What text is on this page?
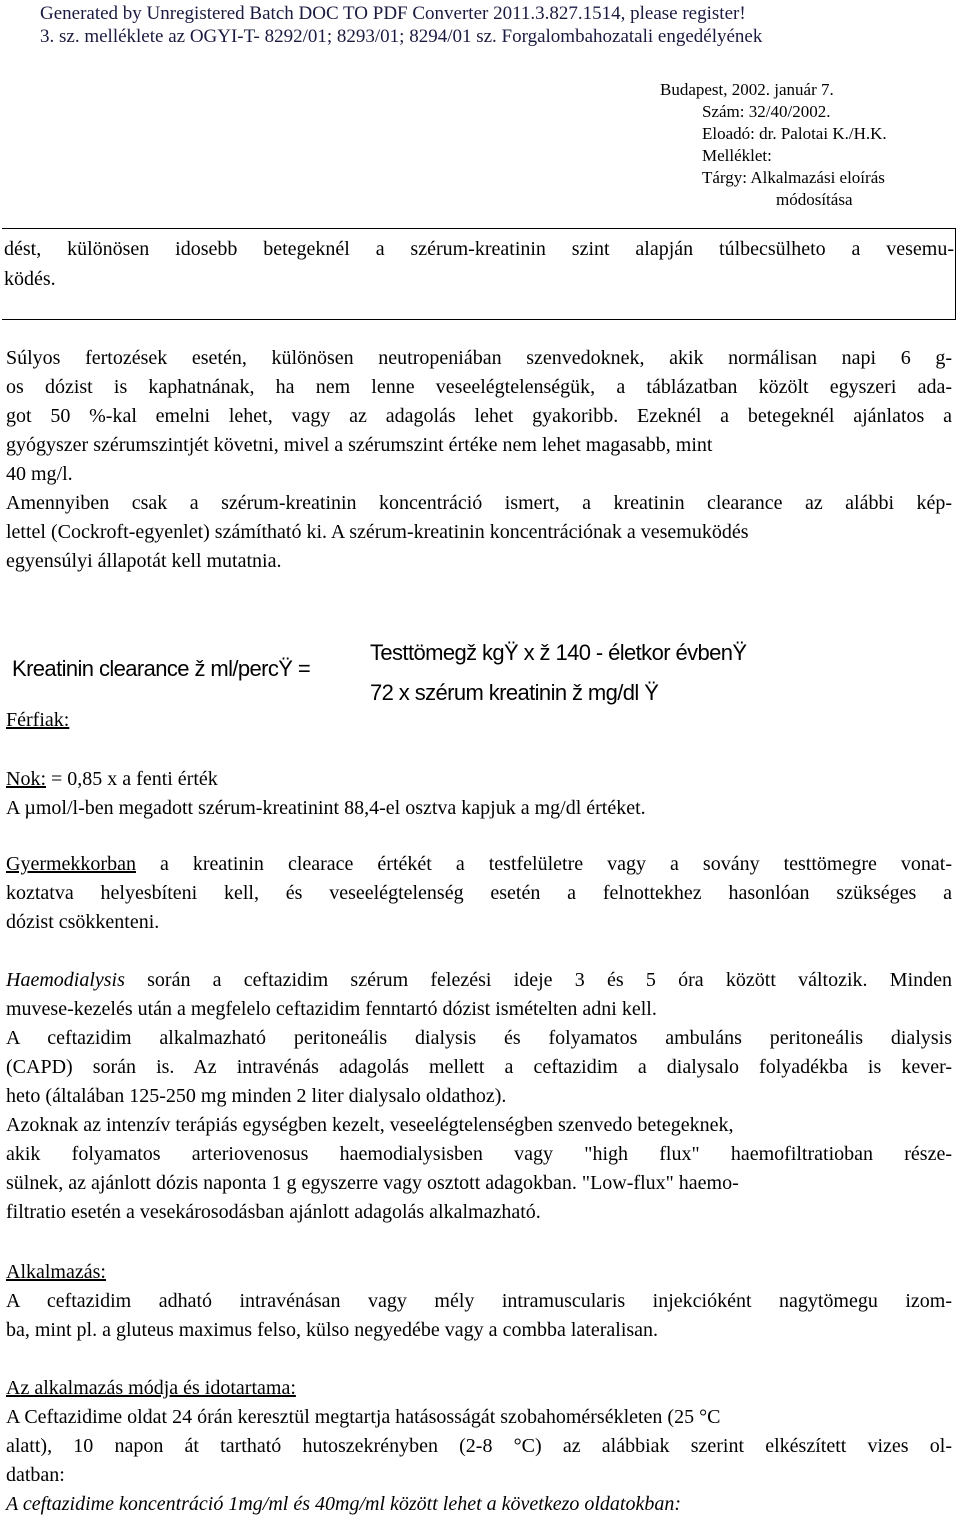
Generated by Unregistered Batch DOC TO PDF Converter 2011.3.827.1514, please register!
3. sz. melléklete az OGYI-T- 8292/01; 8293/01; 8294/01 sz. Forgalombahozatali engedélyének
Budapest, 2002. január 7.
Szám: 32/40/2002.
Eloadó: dr. Palotai K./H.K.
Melléklet:
Tárgy: Alkalmazási eloírás
módosítása
dést, különösen idosebb betegeknél a szérum-kreatinin szint alapján túlbecsülheto a vesemu-
ködés.
Súlyos fertozések esetén, különösen neutropeniában szenvedoknek, akik normálisan napi 6 g-
os dózist is kaphatnának, ha nem lenne veseelégtelenségük, a táblázatban közölt egyszeri ada-
got 50 %-kal emelni lehet, vagy az adagolás lehet gyakoribb. Ezeknél a betegeknél ajánlatos a
gyógyszer szérumszintjét követni, mivel a szérumszint értéke nem lehet magasabb, mint
40 mg/l.
Amennyiben csak a szérum-kreatinin koncentráció ismert, a kreatinin clearance az alábbi kép-
lettel (Cockroft-egyenlet) számítható ki. A szérum-kreatinin koncentrációnak a vesemuködés
egyensúlyi állapotát kell mutatnia.
Kreatinin clearance ž ml/percŸ =
Testtömegž kgŸ x ž 140 - életkor évbenŸ
72 x szérum kreatinin ž mg/dl Ÿ
Férfiak:
Nok: = 0,85 x a fenti érték
A µmol/l-ben megadott szérum-kreatinint 88,4-el osztva kapjuk a mg/dl értéket.
Gyermekkorban a kreatinin clearace értékét a testfelületre vagy a sovány testtömegre vonat-
koztatva helyesbíteni kell, és veseelégtelenség esetén a felnottekhez hasonlóan szükséges a
dózist csökkenteni.
Haemodialysis során a ceftazidim szérum felezési ideje 3 és 5 óra között változik. Minden
muvese-kezelés után a megfelelo ceftazidim fenntartó dózist ismételten adni kell.
A ceftazidim alkalmazható peritoneális dialysis és folyamatos ambuláns peritoneális dialysis
(CAPD) során is. Az intravénás adagolás mellett a ceftazidim a dialysalo folyadékba is kever-
heto (általában 125-250 mg minden 2 liter dialysalo oldathoz).
Azoknak az intenzív terápiás egységben kezelt, veseelégtelenségben szenvedo betegeknek,
akik folyamatos arteriovenosus haemodialysisben vagy "high flux" haemofiltratioban része-
sülnek, az ajánlott dózis naponta 1 g egyszerre vagy osztott adagokban. "Low-flux" haemo-
filtratio esetén a vesekárosodásban ajánlott adagolás alkalmazható.
Alkalmazás:
A ceftazidim adható intravénásan vagy mély intramuscularis injekcióként nagytömegu izom-
ba, mint pl. a gluteus maximus felso, külso negyedébe vagy a combba lateralisan.
Az alkalmazás módja és idotartama:
A Ceftazidime oldat 24 órán keresztül megtartja hatásosságát szobahomérsékleten (25 °C
alatt), 10 napon át tartható hutoszekrényben (2-8 °C) az alábbiak szerint elkészített vizes ol-
datban:
A ceftazidime koncentráció 1mg/ml és 40mg/ml között lehet a következo oldatokban:
